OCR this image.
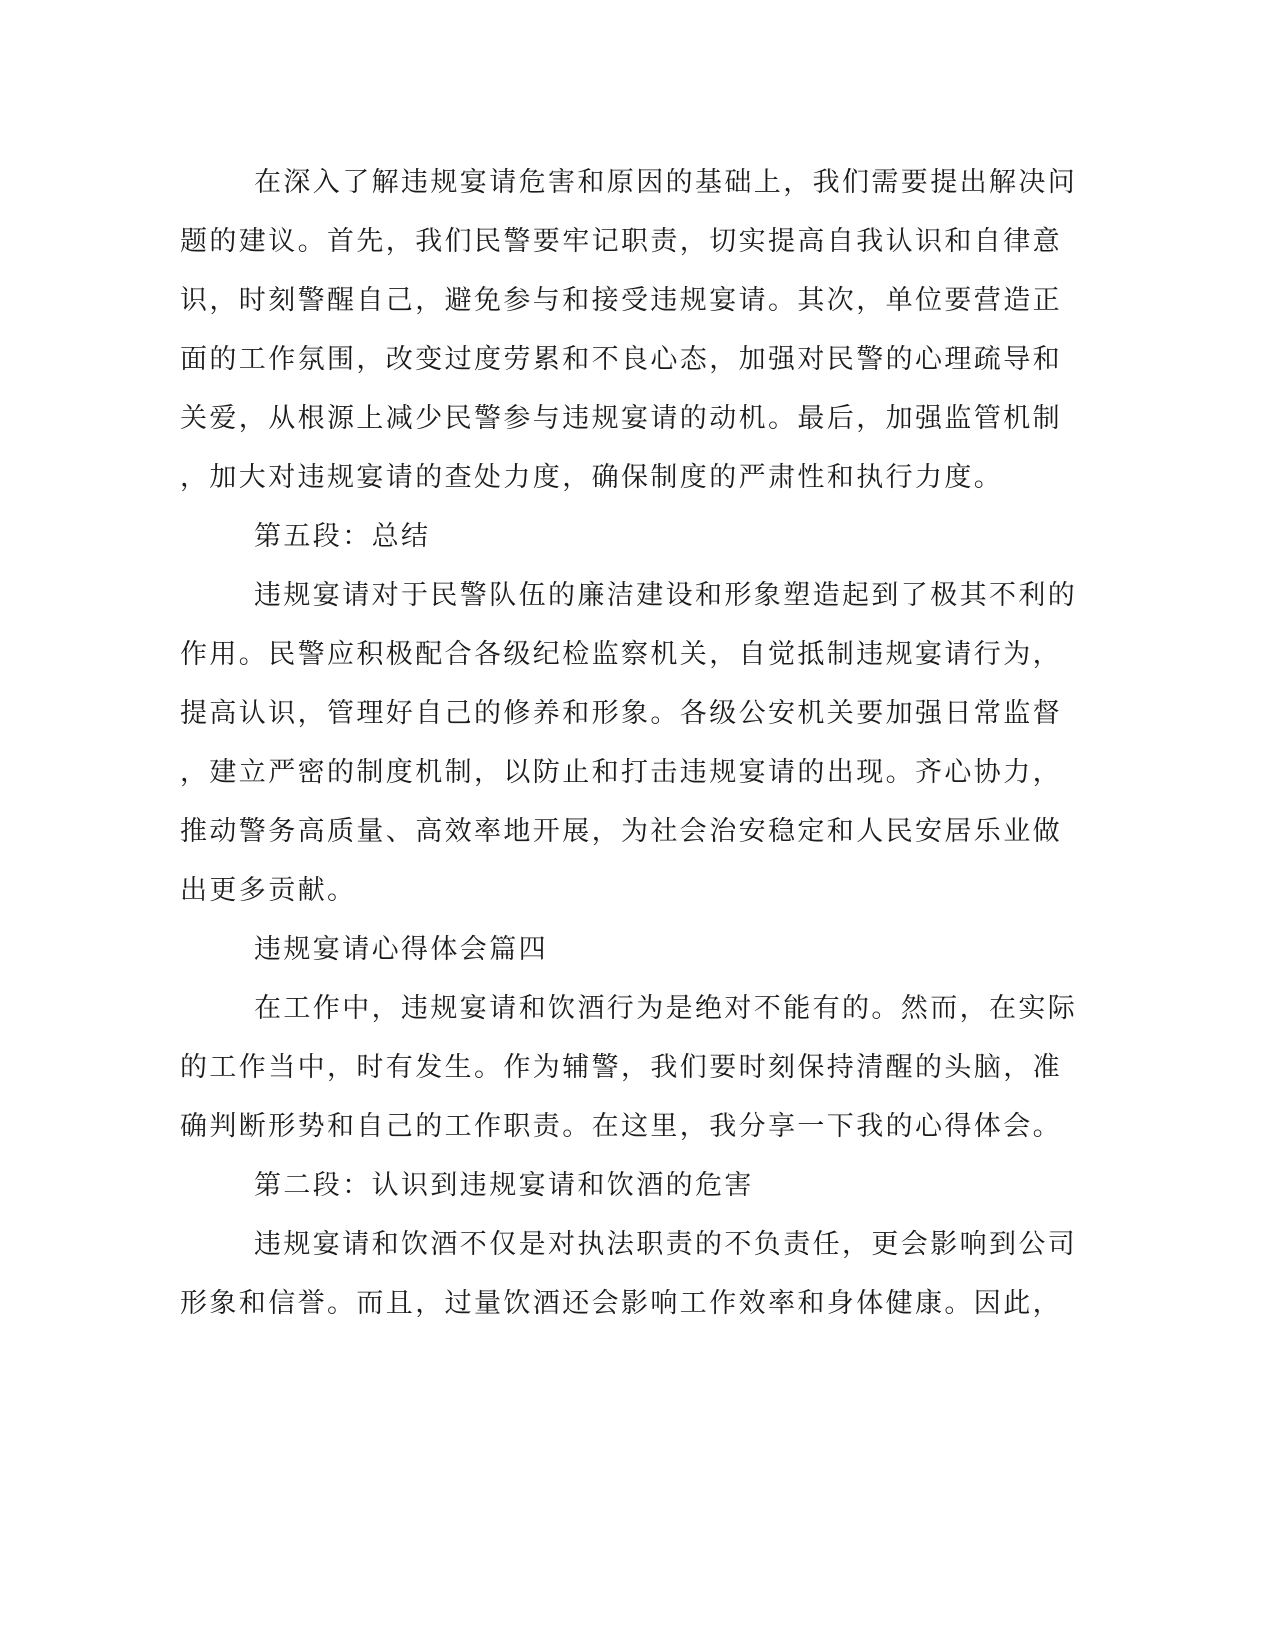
在深入了解违规宴请危害和原因的基础上，我们需要提出解决问
题的建议。首先，我们民警要牢记职责，切实提高自我认识和自律意
识，时刻警醒自己，避免参与和接受违规宴请。其次，单位要营造正
面的工作氛围，改变过度劳累和不良心态，加强对民警的心理疏导和
关爱，从根源上减少民警参与违规宴请的动机。最后，加强监管机制
，加大对违规宴请的查处力度，确保制度的严肃性和执行力度。
第五段：总结
违规宴请对于民警队伍的廉洁建设和形象塑造起到了极其不利的
作用。民警应积极配合各级纪检监察机关，自觉抵制违规宴请行为，
提高认识，管理好自己的修养和形象。各级公安机关要加强日常监督
，建立严密的制度机制，以防止和打击违规宴请的出现。齐心协力，
推动警务高质量、高效率地开展，为社会治安稳定和人民安居乐业做
出更多贡献。
违规宴请心得体会篇四
在工作中，违规宴请和饮酒行为是绝对不能有的。然而，在实际
的工作当中，时有发生。作为辅警，我们要时刻保持清醒的头脑，准
确判断形势和自己的工作职责。在这里，我分享一下我的心得体会。
第二段：认识到违规宴请和饮酒的危害
违规宴请和饮酒不仅是对执法职责的不负责任，更会影响到公司
形象和信誉。而且，过量饮酒还会影响工作效率和身体健康。因此，
